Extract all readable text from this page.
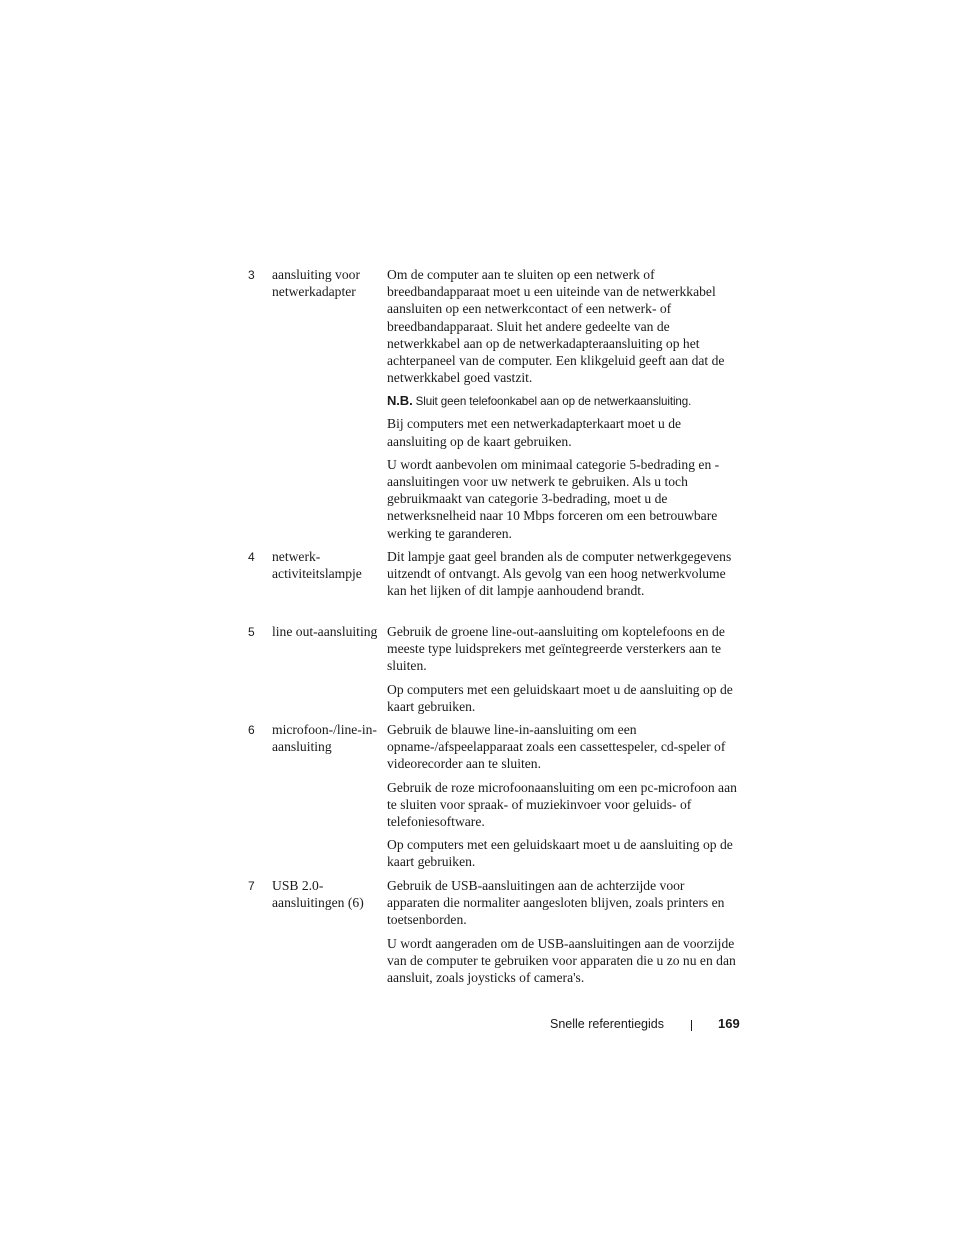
3 aansluiting voor netwerkadapter

Om de computer aan te sluiten op een netwerk of breedbandapparaat moet u een uiteinde van de netwerkkabel aansluiten op een netwerkcontact of een netwerk- of breedbandapparaat. Sluit het andere gedeelte van de netwerkkabel aan op de netwerkadapteraansluiting op het achterpaneel van de computer. Een klikgeluid geeft aan dat de netwerkkabel goed vastzit.

N.B. Sluit geen telefoonkabel aan op de netwerkaansluiting.

Bij computers met een netwerkadapterkaart moet u de aansluiting op de kaart gebruiken.

U wordt aanbevolen om minimaal categorie 5-bedrading en -aansluitingen voor uw netwerk te gebruiken. Als u toch gebruikmaakt van categorie 3-bedrading, moet u de netwerksnelheid naar 10 Mbps forceren om een betrouwbare werking te garanderen.

4 netwerk-activiteitslampje

Dit lampje gaat geel branden als de computer netwerkgegevens uitzendt of ontvangt. Als gevolg van een hoog netwerkvolume kan het lijken of dit lampje aanhoudend brandt.

5 line out-aansluiting Gebruik de groene line-out-aansluiting om koptelefoons en de meeste type luidsprekers met geïntegreerde versterkers aan te sluiten.

Op computers met een geluidskaart moet u de aansluiting op de kaart gebruiken.

6 microfoon-/line-in-aansluiting

Gebruik de blauwe line-in-aansluiting om een opname-/afspeelapparaat zoals een cassettespeler, cd-speler of videorecorder aan te sluiten.

Gebruik de roze microfoonaansluiting om een pc-microfoon aan te sluiten voor spraak- of muziekinvoer voor geluids- of telefoniesoftware.

Op computers met een geluidskaart moet u de aansluiting op de kaart gebruiken.

7 USB 2.0-aansluitingen (6)

Gebruik de USB-aansluitingen aan de achterzijde voor apparaten die normaliter aangesloten blijven, zoals printers en toetsenborden.

U wordt aangeraden om de USB-aansluitingen aan de voorzijde van de computer te gebruiken voor apparaten die u zo nu en dan aansluit, zoals joysticks of camera's.

Snelle referentiegids	169
